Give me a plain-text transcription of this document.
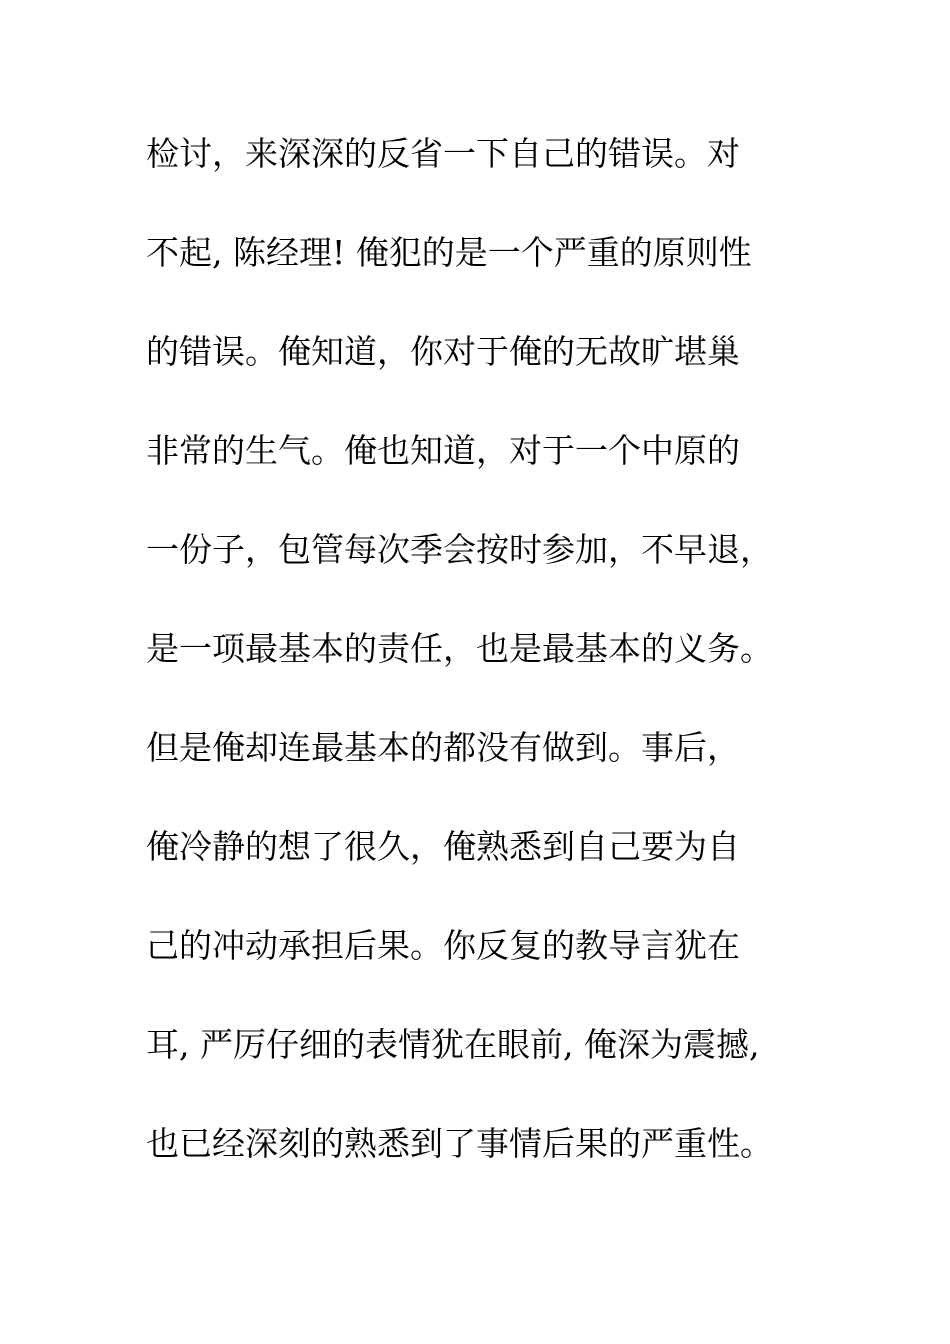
检讨，来深深的反省一下自己的错误。对
不起, 陈经理! 俺犯的是一个严重的原则性
的错误。俺知道，你对于俺的无故旷堪巢
非常的生气。俺也知道，对于一个中原的
一份子，包管每次季会按时参加，不早退，
是一项最基本的责任，也是最基本的义务。
但是俺却连最基本的都没有做到。事后，
俺冷静的想了很久，俺熟悉到自己要为自
己的冲动承担后果。你反复的教导言犹在
耳, 严厉仔细的表情犹在眼前, 俺深为震撼,
也已经深刻的熟悉到了事情后果的严重性。
